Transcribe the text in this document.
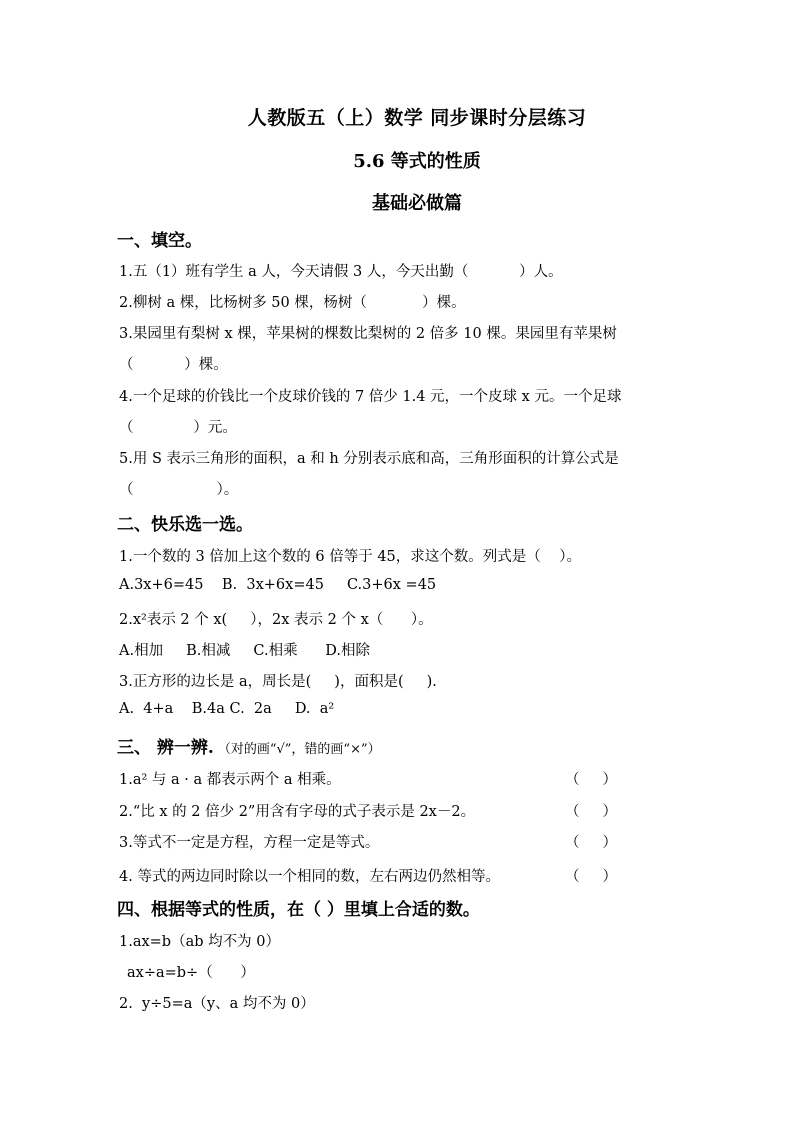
人教版五（上）数学 同步课时分层练习
5.6 等式的性质
基础必做篇
一、填空。
1.五（1）班有学生 a 人，今天请假 3 人，今天出勤（           ）人。
2.柳树 a 棵，比杨树多 50 棵，杨树（            ）棵。
3.果园里有梨树 x 棵，苹果树的棵数比梨树的 2 倍多 10 棵。果园里有苹果树
（           ）棵。
4.一个足球的价钱比一个皮球价钱的 7 倍少 1.4 元，一个皮球 x 元。一个足球
（             ）元。
5.用 S 表示三角形的面积，a 和 h 分别表示底和高，三角形面积的计算公式是
（                  ）。
二、快乐选一选。
1.一个数的 3 倍加上这个数的 6 倍等于 45，求这个数。列式是（    ）。
A.3x+6=45    B.  3x+6x=45     C.3+6x =45
2.x²表示 2 个 x(     ），2x 表示 2 个 x（      ）。
A.相加     B.相减     C.相乘      D.相除
3.正方形的边长是 a，周长是(     )，面积是(     ).
A.  4+a    B.4a C.  2a     D.  a²
三、 辨一辨. （对的画“√”，错的画“×”）
1.a² 与 a · a 都表示两个 a 相乘。	（     ）
2.“比 x 的 2 倍少 2”用含有字母的式子表示是 2x－2。	（     ）
3.等式不一定是方程，方程一定是等式。	（     ）
4. 等式的两边同时除以一个相同的数，左右两边仍然相等。	（     ）
四、根据等式的性质，在（ ）里填上合适的数。
1.ax=b（ab 均不为 0）
ax÷a=b÷（      ）
2.  y÷5=a（y、a 均不为 0）
